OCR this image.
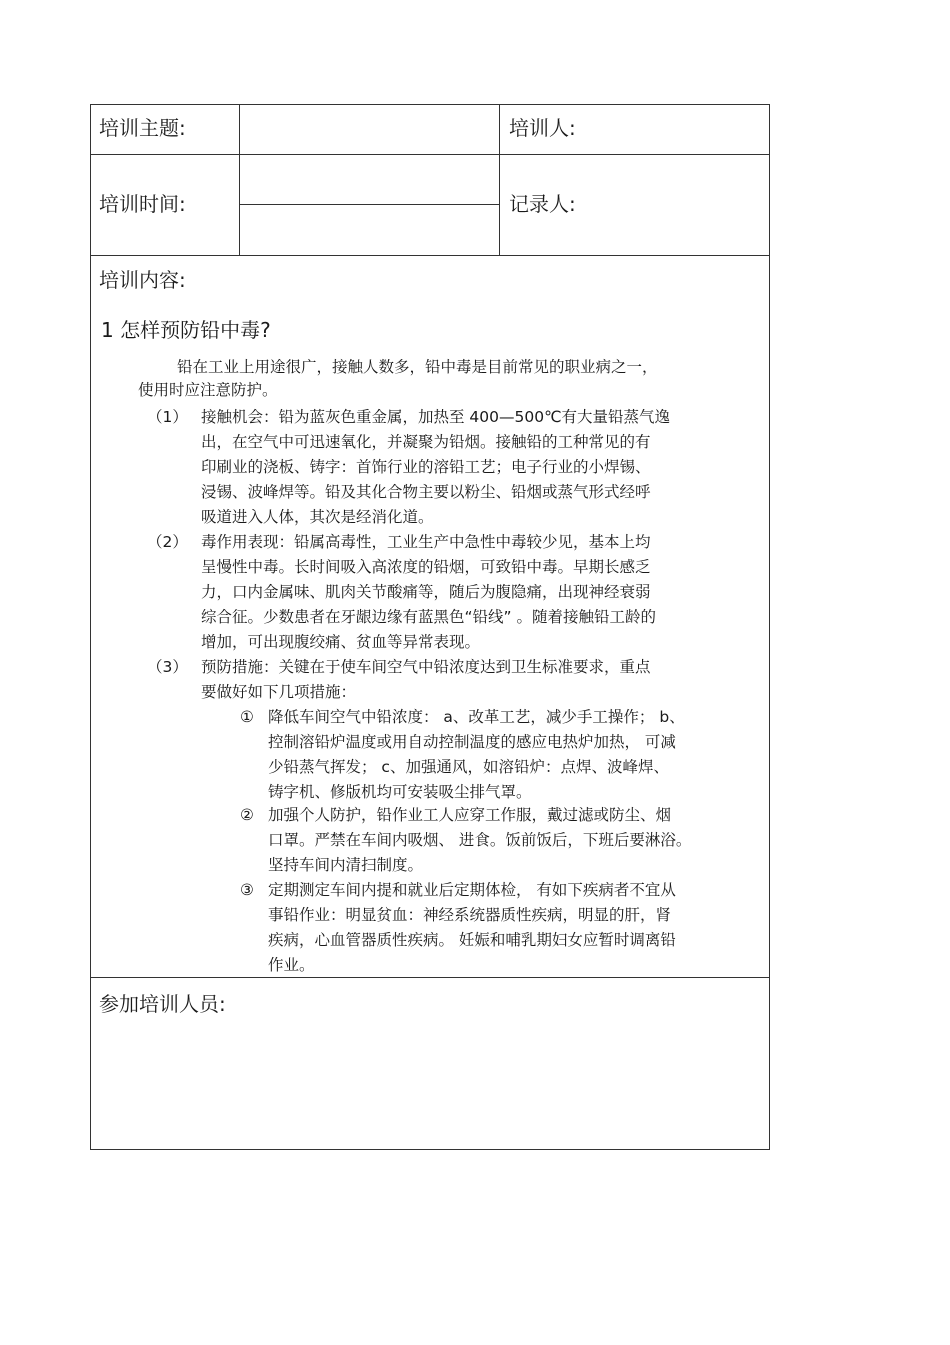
培训主题:	培训人:
培训时间:	记录人:
培训内容:
1 怎样预防铅中毒?
铅在工业上用途很广，接触人数多，铅中毒是目前常见的职业病之一，
使用时应注意防护。
（1） 接触机会：铅为蓝灰色重金属，加热至 400—500℃有大量铅蒸气逸
出，在空气中可迅速氧化，并凝聚为铅烟。接触铅的工种常见的有
印刷业的浇板、铸字：首饰行业的溶铅工艺；电子行业的小焊锡、
浸锡、波峰焊等。铅及其化合物主要以粉尘、铅烟或蒸气形式经呼
吸道进入人体，其次是经消化道。
（2） 毒作用表现：铅属高毒性，工业生产中急性中毒较少见，基本上均
呈慢性中毒。长时间吸入高浓度的铅烟，可致铅中毒。早期长感乏
力，口内金属味、肌肉关节酸痛等，随后为腹隐痛，出现神经衰弱
综合征。少数患者在牙龈边缘有蓝黑色“铅线” 。随着接触铅工龄的
增加，可出现腹绞痛、贫血等异常表现。
（3） 预防措施：关键在于使车间空气中铅浓度达到卫生标准要求，重点
要做好如下几项措施：
① 降低车间空气中铅浓度： a、改革工艺，减少手工操作； b、
控制溶铅炉温度或用自动控制温度的感应电热炉加热， 可减
少铅蒸气挥发； c、加强通风，如溶铅炉：点焊、波峰焊、
铸字机、修版机均可安装吸尘排气罩。
② 加强个人防护，铅作业工人应穿工作服，戴过滤或防尘、烟
口罩。严禁在车间内吸烟、 进食。饭前饭后，下班后要淋浴。
坚持车间内清扫制度。
③ 定期测定车间内提和就业后定期体检， 有如下疾病者不宜从
事铅作业：明显贫血：神经系统器质性疾病，明显的肝，肾
疾病，心血管器质性疾病。 妊娠和哺乳期妇女应暂时调离铅
作业。
参加培训人员:
